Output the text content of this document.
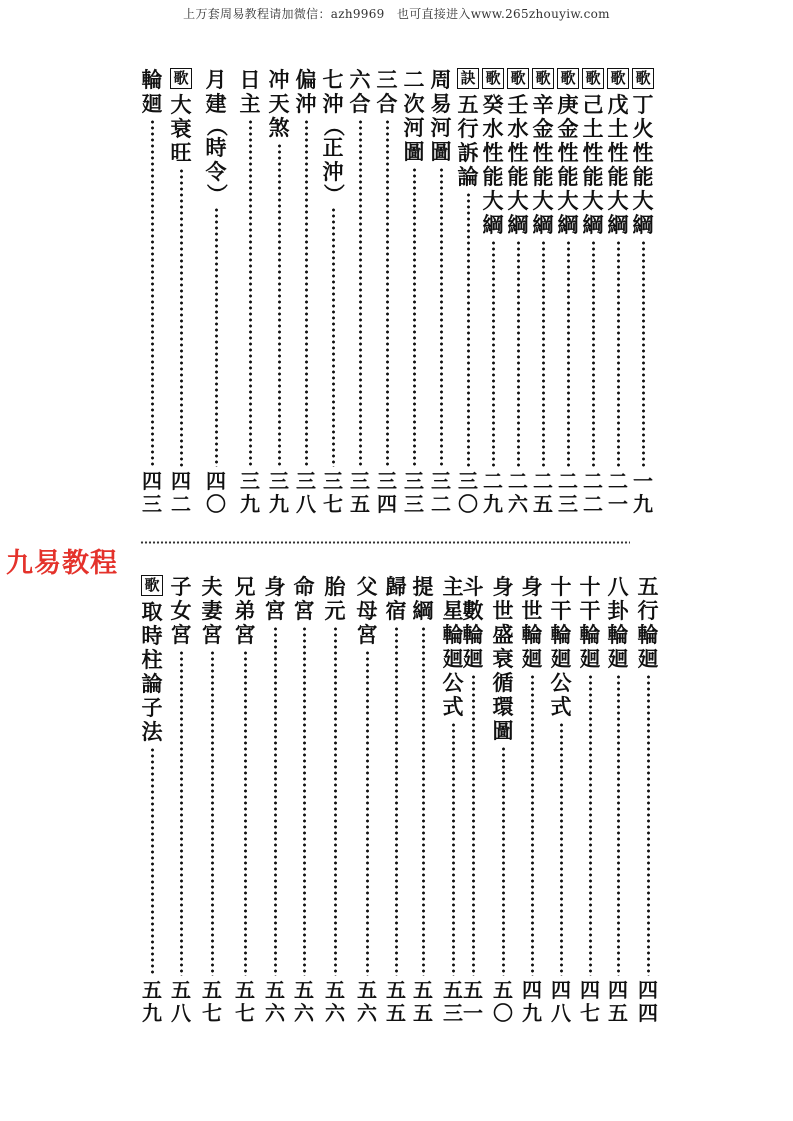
上万套周易教程请加微信：azh9969　也可直接进入www.265zhouyiw.com
歌
丁
火
性
能
大
綱
一
九
歌
戊
土
性
能
大
綱
二
一
歌
己
土
性
能
大
綱
二
二
歌
庚
金
性
能
大
綱
二
三
歌
辛
金
性
能
大
綱
二
五
歌
壬
水
性
能
大
綱
二
六
歌
癸
水
性
能
大
綱
二
九
訣
五
行
訴
論
三
〇
周
易
河
圖
三
二
二
次
河
圖
三
三
三
合
三
四
六
合
三
五
七
沖
（
正
沖
）
三
七
偏
沖
三
八
冲
天
煞
三
九
日
主
三
九
月
建
（
時
令
）
四
〇
歌
大
衰
旺
四
二
輪
廻
四
三
九易教程
五
行
輪
廻
四
四
八
卦
輪
廻
四
五
十
干
輪
廻
四
七
十
干
輪
廻
公
式
四
八
身
世
輪
廻
四
九
身
世
盛
衰
循
環
圖
五
〇
斗
數
輪
廻
五
一
主
星
輪
廻
公
式
五
三
提
綱
五
五
歸
宿
五
五
父
母
宮
五
六
胎
元
五
六
命
宮
五
六
身
宮
五
六
兄
弟
宮
五
七
夫
妻
宮
五
七
子
女
宮
五
八
歌
取
時
柱
論
子
法
五
九
